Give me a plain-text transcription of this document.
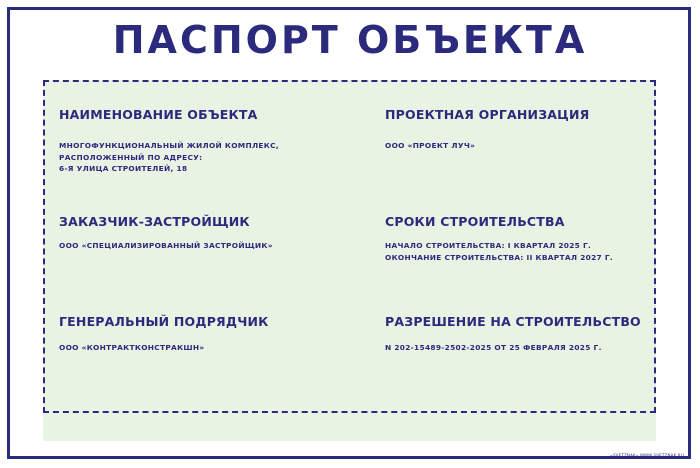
ПАСПОРТ ОБЪЕКТА

НАИМЕНОВАНИЕ ОБЪЕКТА

МНОГОФУНКЦИОНАЛЬНЫЙ ЖИЛОЙ КОМПЛЕКС,
РАСПОЛОЖЕННЫЙ ПО АДРЕСУ:
6-Я УЛИЦА СТРОИТЕЛЕЙ, 18

ПРОЕКТНАЯ ОРГАНИЗАЦИЯ

ООО «ПРОЕКТ ЛУЧ»

ЗАКАЗЧИК-ЗАСТРОЙЩИК

ООО «СПЕЦИАЛИЗИРОВАННЫЙ ЗАСТРОЙЩИК»

СРОКИ СТРОИТЕЛЬСТВА

НАЧАЛО СТРОИТЕЛЬСТВА: I КВАРТАЛ 2025 Г.
ОКОНЧАНИЕ СТРОИТЕЛЬСТВА: II КВАРТАЛ 2027 Г.

ГЕНЕРАЛЬНЫЙ ПОДРЯДЧИК

ООО «КОНТРАКТКОНСТРАКШН»

РАЗРЕШЕНИЕ НА СТРОИТЕЛЬСТВО

N 202-15489-2502-2025 ОТ 25 ФЕВРАЛЯ 2025 Г.

«SVETZNAK» WWW.SVETZNAK.RU
